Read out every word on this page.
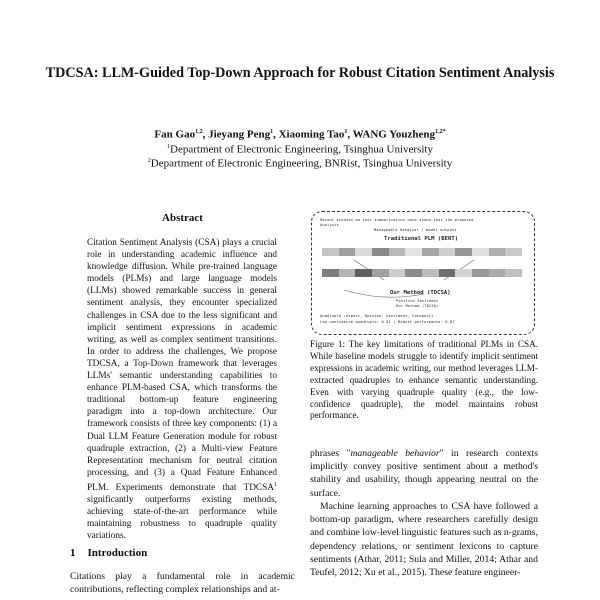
TDCSA: LLM-Guided Top-Down Approach for Robust Citation Sentiment Analysis
Fan Gao$^{1,2}$, Jieyang Peng$^1$, Xiaoming Tao$^1$, WANG Youzheng$^{1,2*}$
$^1$Department of Electronic Engineering, Tsinghua University
$^2$Department of Electronic Engineering, BNRist, Tsinghua University
Abstract

Citation Sentiment Analysis (CSA) plays a crucial role in understanding academic influence and knowledge diffusion. While pre-trained language models (PLMs) and large language models (LLMs) showed remarkable success in general sentiment analysis, they encounter specialized challenges in CSA due to the less significant and implicit sentiment expressions in academic writing, as well as complex sentiment transitions. In order to address the challenges, We propose TDCSA, a Top-Down framework that leverages LLMs' semantic understanding capabilities to enhance PLM-based CSA, which transforms the traditional bottom-up feature engineering paradigm into a top-down architecture. Our framework consists of three key components: (1) a Dual LLM Feature Generation module for robust quadruple extraction, (2) a Multi-view Feature Representation mechanism for neutral citation processing, and (3) a Quad Feature Enhanced PLM. Experiments demonstrate that TDCSA$^1$ significantly outperforms existing methods, achieving state-of-the-art performance while maintaining robustness to quadruple quality variations.

1 Introduction

Citations play a fundamental role in academic contributions, reflecting complex relationships and at-

Recent studies on text summarization have shown that the proposed
Analysis
Manageable behavior / model outputs
Traditional PLM (BERT)
Our Method (TDCSA)
Positive Sentiment
Our Method (TDCSA)
Quadruple (Aspect, Opinion, Sentiment, Category)
Low-confidence quadruple: 0.51 | Robust performance: 0.87

Figure 1: The key limitations of traditional PLMs in CSA. While baseline models struggle to identify implicit sentiment expressions in academic writing, our method leverages LLM-extracted quadruples to enhance semantic understanding. Even with varying quadruple quality (e.g., the low-confidence quadruple), the model maintains robust performance.

phrases "manageable behavior" in research contexts implicitly convey positive sentiment about a method's stability and usability, though appearing neutral on the surface.

Machine learning approaches to CSA have followed a bottom-up paradigm, where researchers carefully design and combine low-level linguistic features such as n-grams, dependency relations, or sentiment lexicons to capture sentiments (Athar, 2011; Sula and Miller, 2014; Athar and Teufel, 2012; Xu et al., 2015). These feature engineer-
